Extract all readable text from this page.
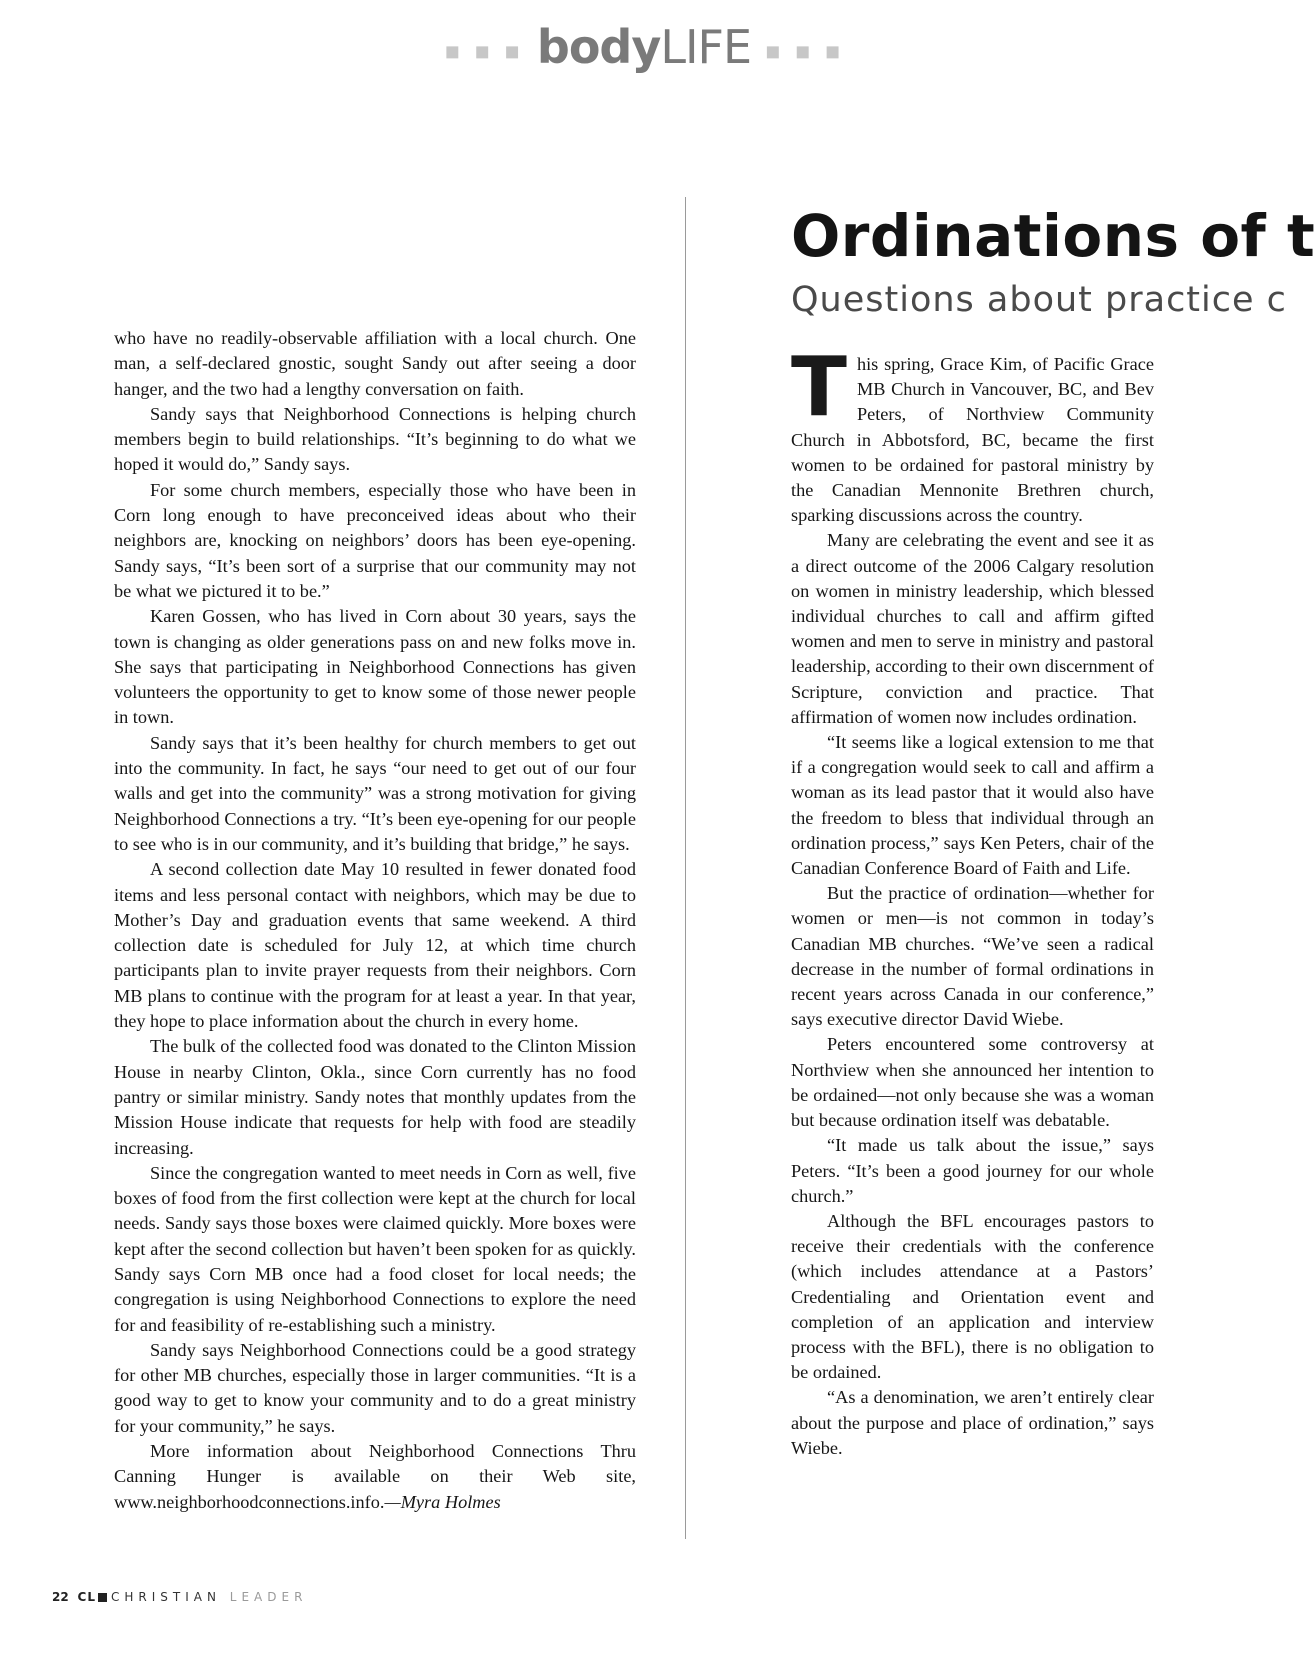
▪ ▪ ▪ bodyLIFE ▪ ▪ ▪

who have no readily-observable affiliation with a local church. One man, a self-declared gnostic, sought Sandy out after seeing a door hanger, and the two had a lengthy conversation on faith.

Sandy says that Neighborhood Connections is helping church members begin to build relationships. “It’s beginning to do what we hoped it would do,” Sandy says.

For some church members, especially those who have been in Corn long enough to have preconceived ideas about who their neighbors are, knocking on neighbors’ doors has been eye-opening. Sandy says, “It’s been sort of a surprise that our community may not be what we pictured it to be.”

Karen Gossen, who has lived in Corn about 30 years, says the town is changing as older generations pass on and new folks move in. She says that participating in Neighborhood Connections has given volunteers the opportunity to get to know some of those newer people in town.

Sandy says that it’s been healthy for church members to get out into the community. In fact, he says “our need to get out of our four walls and get into the community” was a strong motivation for giving Neighborhood Connections a try. “It’s been eye-opening for our people to see who is in our community, and it’s building that bridge,” he says.

A second collection date May 10 resulted in fewer donated food items and less personal contact with neighbors, which may be due to Mother’s Day and graduation events that same weekend. A third collection date is scheduled for July 12, at which time church participants plan to invite prayer requests from their neighbors. Corn MB plans to continue with the program for at least a year. In that year, they hope to place information about the church in every home.

The bulk of the collected food was donated to the Clinton Mission House in nearby Clinton, Okla., since Corn currently has no food pantry or similar ministry. Sandy notes that monthly updates from the Mission House indicate that requests for help with food are steadily increasing.

Since the congregation wanted to meet needs in Corn as well, five boxes of food from the first collection were kept at the church for local needs. Sandy says those boxes were claimed quickly. More boxes were kept after the second collection but haven’t been spoken for as quickly. Sandy says Corn MB once had a food closet for local needs; the congregation is using Neighborhood Connections to explore the need for and feasibility of re-establishing such a ministry.

Sandy says Neighborhood Connections could be a good strategy for other MB churches, especially those in larger communities. “It is a good way to get to know your community and to do a great ministry for your community,” he says.

More information about Neighborhood Connections Thru Canning Hunger is available on their Web site, www.neighborhoodconnections.info.—Myra Holmes

Ordinations of t
Questions about practice c

This spring, Grace Kim, of Pacific Grace MB Church in Vancouver, BC, and Bev Peters, of Northview Community Church in Abbotsford, BC, became the first women to be ordained for pastoral ministry by the Canadian Mennonite Brethren church, sparking discussions across the country.

Many are celebrating the event and see it as a direct outcome of the 2006 Calgary resolution on women in ministry leadership, which blessed individual churches to call and affirm gifted women and men to serve in ministry and pastoral leadership, according to their own discernment of Scripture, conviction and practice. That affirmation of women now includes ordination.

“It seems like a logical extension to me that if a congregation would seek to call and affirm a woman as its lead pastor that it would also have the freedom to bless that individual through an ordination process,” says Ken Peters, chair of the Canadian Conference Board of Faith and Life.

But the practice of ordination—whether for women or men—is not common in today’s Canadian MB churches. “We’ve seen a radical decrease in the number of formal ordinations in recent years across Canada in our conference,” says executive director David Wiebe.

Peters encountered some controversy at Northview when she announced her intention to be ordained—not only because she was a woman but because ordination itself was debatable.

“It made us talk about the issue,” says Peters. “It’s been a good journey for our whole church.”

Although the BFL encourages pastors to receive their credentials with the conference (which includes attendance at a Pastors’ Credentialing and Orientation event and completion of an application and interview process with the BFL), there is no obligation to be ordained.

“As a denomination, we aren’t entirely clear about the purpose and place of ordination,” says Wiebe.

22 CL CHRISTIAN LEADER
